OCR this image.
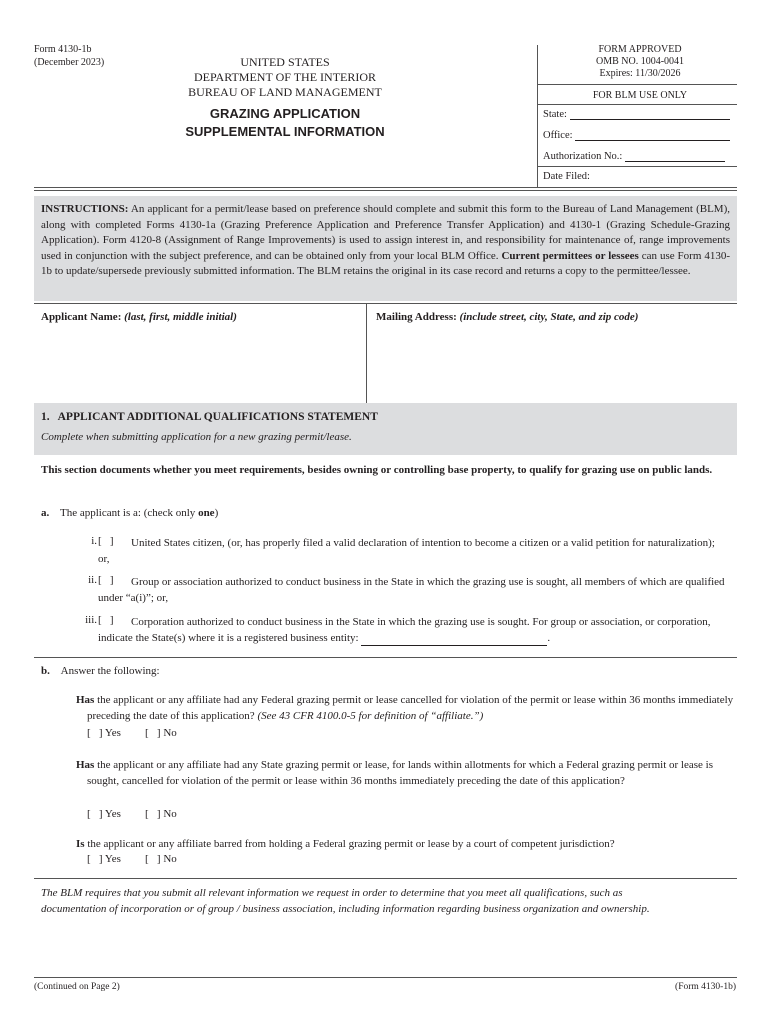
Form 4130-1b
(December 2023)	UNITED STATES
DEPARTMENT OF THE INTERIOR
BUREAU OF LAND MANAGEMENT
GRAZING APPLICATION
SUPPLEMENTAL INFORMATION
FORM APPROVED
OMB NO. 1004-0041
Expires: 11/30/2026
FOR BLM USE ONLY
State:
Office:
Authorization No.:
Date Filed:

INSTRUCTIONS: An applicant for a permit/lease based on preference should complete and submit this form to the Bureau of Land Management (BLM), along with completed Forms 4130-1a (Grazing Preference Application and Preference Transfer Application) and 4130-1 (Grazing Schedule-Grazing Application). Form 4120-8 (Assignment of Range Improvements) is used to assign interest in, and responsibility for maintenance of, range improvements used in conjunction with the subject preference, and can be obtained only from your local BLM Office. Current permittees or lessees can use Form 4130-1b to update/supersede previously submitted information. The BLM retains the original in its case record and returns a copy to the permittee/lessee.

Applicant Name: (last, first, middle initial)	Mailing Address: (include street, city, State, and zip code)
1.   APPLICANT ADDITIONAL QUALIFICATIONS STATEMENT
Complete when submitting application for a new grazing permit/lease.

This section documents whether you meet requirements, besides owning or controlling base property, to qualify for grazing use on public lands.

a. The applicant is a: (check only one)
i. [   ]	United States citizen, (or, has properly filed a valid declaration of intention to become a citizen or a valid petition for naturalization); or,

ii. [   ]	Group or association authorized to conduct business in the State in which the grazing use is sought, all members of which are qualified under “a(i)”; or,

iii. [   ]	Corporation authorized to conduct business in the State in which the grazing use is sought. For group or association, or corporation, indicate the State(s) where it is a registered business entity:	.

b. Answer the following:

Has the applicant or any affiliate had any Federal grazing permit or lease cancelled for violation of the permit or lease within 36 months immediately preceding the date of this application? (See 43 CFR 4100.0-5 for definition of “affiliate.”)

[   ] Yes [   ] No

Has the applicant or any affiliate had any State grazing permit or lease, for lands within allotments for which a Federal grazing permit or lease is sought, cancelled for violation of the permit or lease within 36 months immediately preceding the date of this application?

[   ] Yes [   ] No

Is the applicant or any affiliate barred from holding a Federal grazing permit or lease by a court of competent jurisdiction?

[   ] Yes [   ] No

The BLM requires that you submit all relevant information we request in order to determine that you meet all qualifications, such as documentation of incorporation or of group / business association, including information regarding business organization and ownership.

(Continued on Page 2)	(Form 4130-1b)
